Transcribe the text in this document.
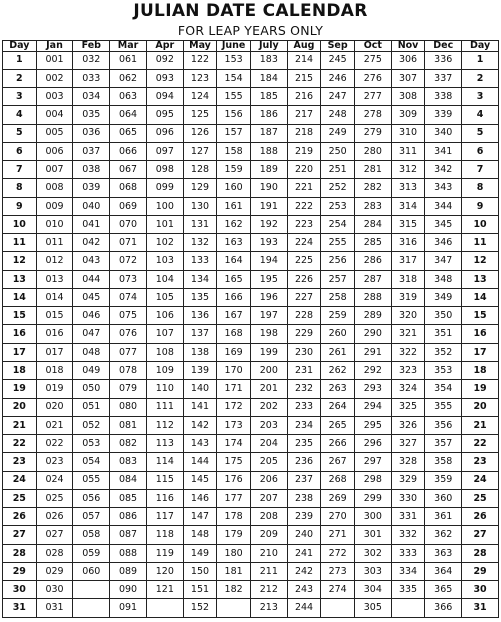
JULIAN DATE CALENDAR
FOR LEAP YEARS ONLY
Day	Jan	Feb	Mar	Apr	May	June	July	Aug	Sep	Oct	Nov	Dec	Day
1	001	032	061	092	122	153	183	214	245	275	306	336	1
2	002	033	062	093	123	154	184	215	246	276	307	337	2
3	003	034	063	094	124	155	185	216	247	277	308	338	3
4	004	035	064	095	125	156	186	217	248	278	309	339	4
5	005	036	065	096	126	157	187	218	249	279	310	340	5
6	006	037	066	097	127	158	188	219	250	280	311	341	6
7	007	038	067	098	128	159	189	220	251	281	312	342	7
8	008	039	068	099	129	160	190	221	252	282	313	343	8
9	009	040	069	100	130	161	191	222	253	283	314	344	9
10	010	041	070	101	131	162	192	223	254	284	315	345	10
11	011	042	071	102	132	163	193	224	255	285	316	346	11
12	012	043	072	103	133	164	194	225	256	286	317	347	12
13	013	044	073	104	134	165	195	226	257	287	318	348	13
14	014	045	074	105	135	166	196	227	258	288	319	349	14
15	015	046	075	106	136	167	197	228	259	289	320	350	15
16	016	047	076	107	137	168	198	229	260	290	321	351	16
17	017	048	077	108	138	169	199	230	261	291	322	352	17
18	018	049	078	109	139	170	200	231	262	292	323	353	18
19	019	050	079	110	140	171	201	232	263	293	324	354	19
20	020	051	080	111	141	172	202	233	264	294	325	355	20
21	021	052	081	112	142	173	203	234	265	295	326	356	21
22	022	053	082	113	143	174	204	235	266	296	327	357	22
23	023	054	083	114	144	175	205	236	267	297	328	358	23
24	024	055	084	115	145	176	206	237	268	298	329	359	24
25	025	056	085	116	146	177	207	238	269	299	330	360	25
26	026	057	086	117	147	178	208	239	270	300	331	361	26
27	027	058	087	118	148	179	209	240	271	301	332	362	27
28	028	059	088	119	149	180	210	241	272	302	333	363	28
29	029	060	089	120	150	181	211	242	273	303	334	364	29
30	030		090	121	151	182	212	243	274	304	335	365	30
31	031		091		152		213	244		305		366	31
